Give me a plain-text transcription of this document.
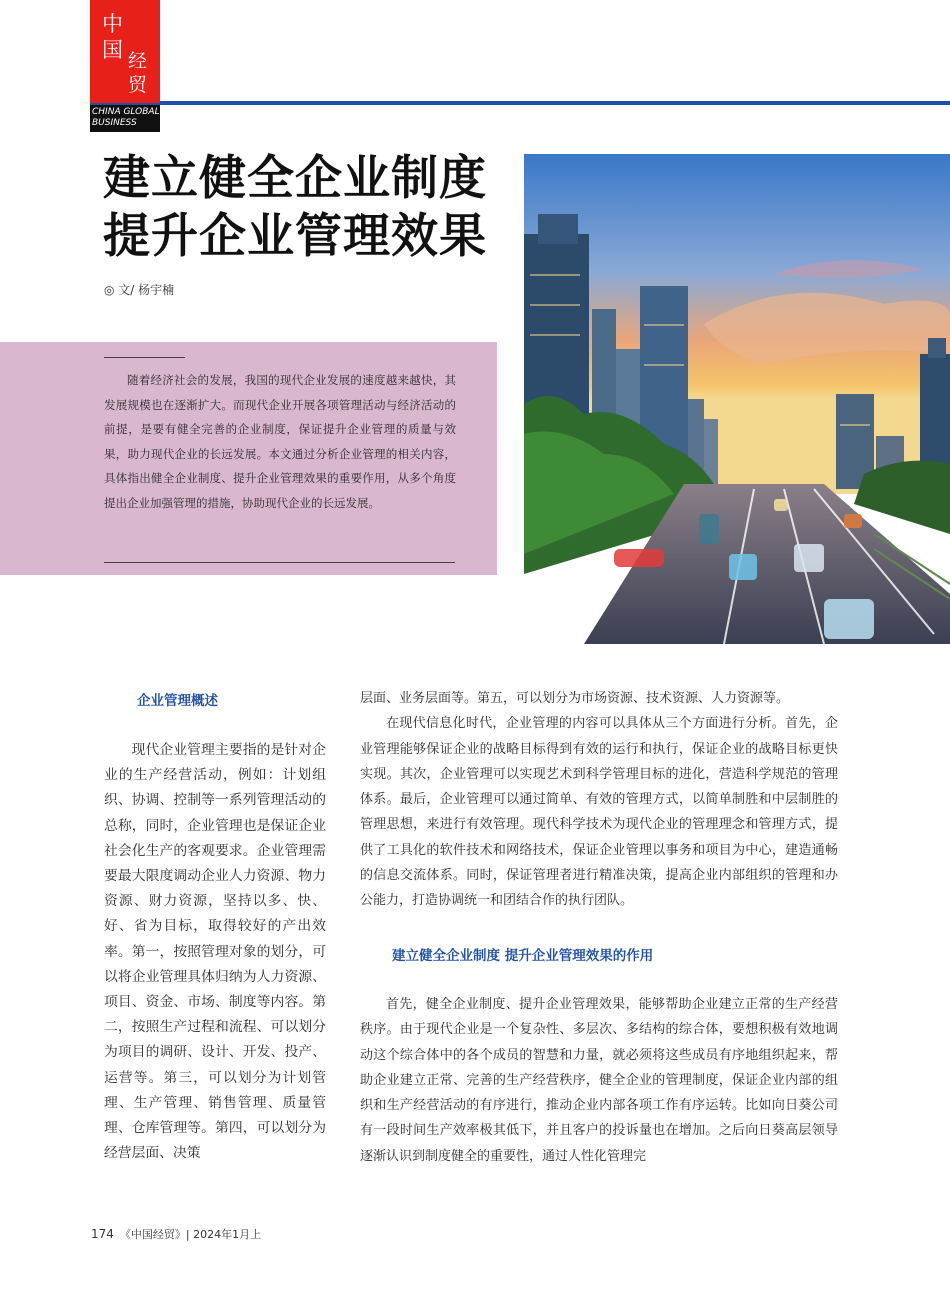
中
国 经
贸
CHINA GLOBAL BUSINESS
建立健全企业制度
提升企业管理效果
◎ 文/ 杨宇楠
随着经济社会的发展，我国的现代企业发展的速度越来越快，其发展规模也在逐渐扩大。而现代企业开展各项管理活动与经济活动的前提，是要有健全完善的企业制度，保证提升企业管理的质量与效果，助力现代企业的长远发展。本文通过分析企业管理的相关内容，具体指出健全企业制度、提升企业管理效果的重要作用，从多个角度提出企业加强管理的措施，协助现代企业的长远发展。
企业管理概述

现代企业管理主要指的是针对企业的生产经营活动，例如：计划组织、协调、控制等一系列管理活动的总称，同时，企业管理也是保证企业社会化生产的客观要求。企业管理需要最大限度调动企业人力资源、物力资源、财力资源，坚持以多、快、好、省为目标，取得较好的产出效率。第一，按照管理对象的划分，可以将企业管理具体归纳为人力资源、项目、资金、市场、制度等内容。第二，按照生产过程和流程、可以划分为项目的调研、设计、开发、投产、运营等。第三，可以划分为计划管理、生产管理、销售管理、质量管理、仓库管理等。第四，可以划分为经营层面、决策

层面、业务层面等。第五，可以划分为市场资源、技术资源、人力资源等。

在现代信息化时代，企业管理的内容可以具体从三个方面进行分析。首先，企业管理能够保证企业的战略目标得到有效的运行和执行，保证企业的战略目标更快实现。其次，企业管理可以实现艺术到科学管理目标的进化，营造科学规范的管理体系。最后，企业管理可以通过简单、有效的管理方式，以简单制胜和中层制胜的管理思想，来进行有效管理。现代科学技术为现代企业的管理理念和管理方式，提供了工具化的软件技术和网络技术，保证企业管理以事务和项目为中心，建造通畅的信息交流体系。同时，保证管理者进行精准决策，提高企业内部组织的管理和办公能力，打造协调统一和团结合作的执行团队。

建立健全企业制度 提升企业管理效果的作用

首先，健全企业制度、提升企业管理效果，能够帮助企业建立正常的生产经营秩序。由于现代企业是一个复杂性、多层次、多结构的综合体，要想积极有效地调动这个综合体中的各个成员的智慧和力量，就必须将这些成员有序地组织起来，帮助企业建立正常、完善的生产经营秩序，健全企业的管理制度，保证企业内部的组织和生产经营活动的有序进行，推动企业内部各项工作有序运转。比如向日葵公司有一段时间生产效率极其低下，并且客户的投诉量也在增加。之后向日葵高层领导逐渐认识到制度健全的重要性，通过人性化管理完

174 《中国经贸》| 2024年1月上
